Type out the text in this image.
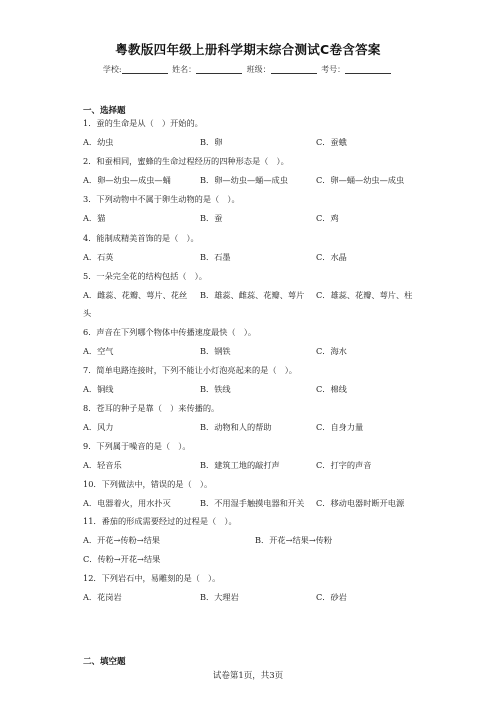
粤教版四年级上册科学期末综合测试C卷含答案
学校:	姓名：	班级：	考号：
一、选择题
1．蚕的生命是从（　）开始的。
A．幼虫	B．卵	C．蚕蛾
2．和蚕相同，蜜蜂的生命过程经历的四种形态是（　）。
A．卵—幼虫—成虫—蛹	B．卵—幼虫—蛹—成虫	C．卵—蛹—幼虫—成虫
3．下列动物中不属于卵生动物的是（　）。
A．猫	B．蚕	C．鸡
4．能制成精美首饰的是（　）。
A．石英	B．石墨	C．水晶
5．一朵完全花的结构包括（　）。
A．雌蕊、花瓣、萼片、花丝 B．雄蕊、雌蕊、花瓣、萼片 C．雄蕊、花瓣、萼片、柱
头
6．声音在下列哪个物体中传播速度最快（　）。
A．空气	B．钢铁	C．海水
7．简单电路连接时，下列不能让小灯泡亮起来的是（　）。
A．铜线	B．铁线	C．棉线
8．苍耳的种子是靠（　）来传播的。
A．风力	B．动物和人的帮助	C．自身力量
9．下列属于噪音的是（　）。
A．轻音乐	B．建筑工地的敲打声	C．打字的声音
10．下列做法中，错误的是（　）。
A．电器着火，用水扑灭	B．不用湿手触摸电器和开关 C．移动电器时断开电源
11．番茄的形成需要经过的过程是（　）。
A．开花→传粉→结果	B．开花→结果→传粉
C．传粉→开花→结果
12．下列岩石中，易雕刻的是（　）。
A．花岗岩	B．大理岩	C．砂岩
二、填空题
试卷第1页，共3页
